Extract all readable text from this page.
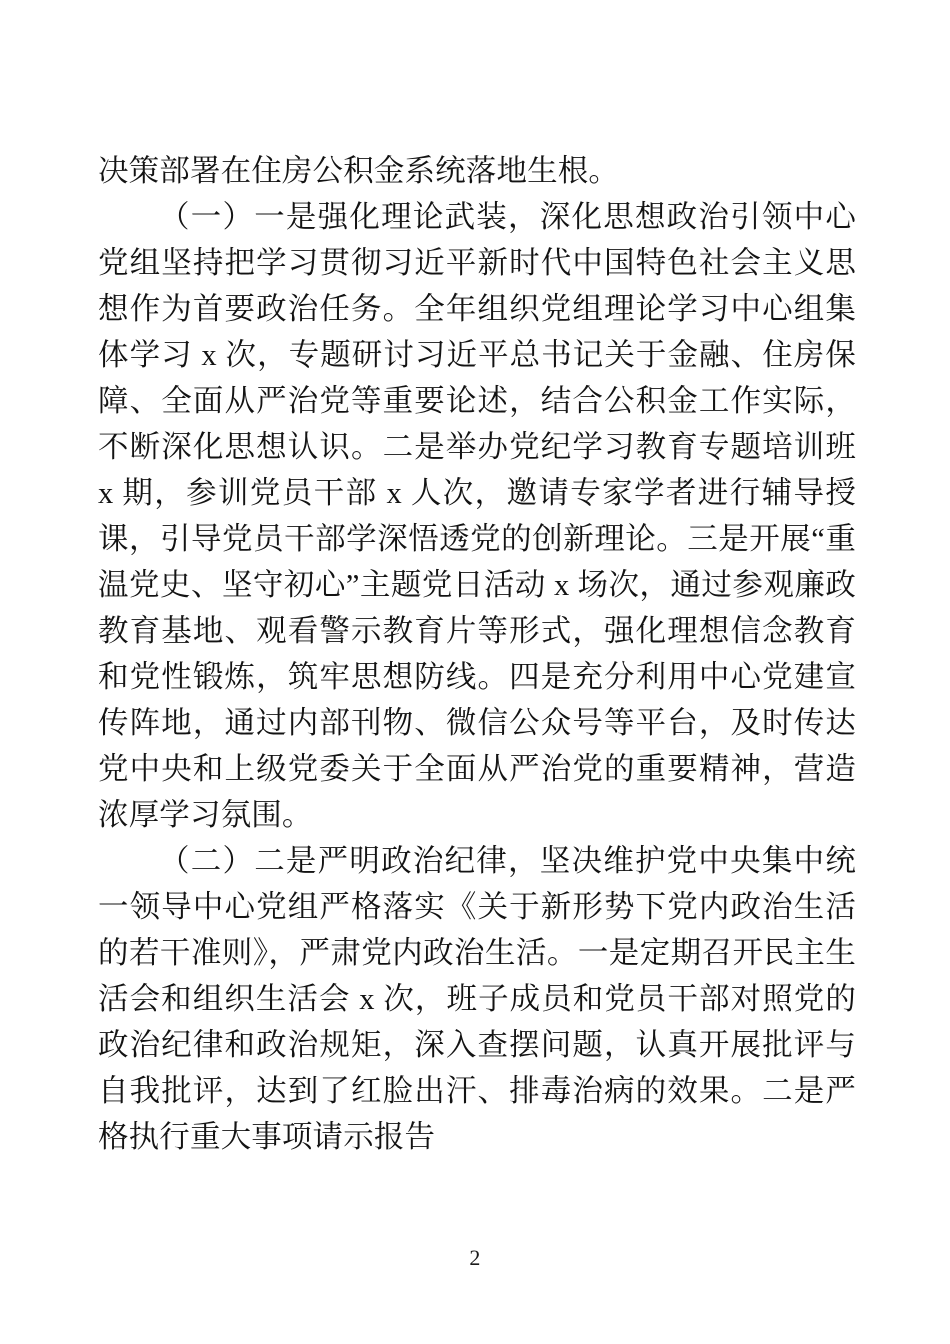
决策部署在住房公积金系统落地生根。

（一）一是强化理论武装，深化思想政治引领中心党组坚持把学习贯彻习近平新时代中国特色社会主义思想作为首要政治任务。全年组织党组理论学习中心组集体学习 x 次，专题研讨习近平总书记关于金融、住房保障、全面从严治党等重要论述，结合公积金工作实际，不断深化思想认识。二是举办党纪学习教育专题培训班 x 期，参训党员干部 x 人次，邀请专家学者进行辅导授课，引导党员干部学深悟透党的创新理论。三是开展“重温党史、坚守初心”主题党日活动 x 场次，通过参观廉政教育基地、观看警示教育片等形式，强化理想信念教育和党性锻炼，筑牢思想防线。四是充分利用中心党建宣传阵地，通过内部刊物、微信公众号等平台，及时传达党中央和上级党委关于全面从严治党的重要精神，营造浓厚学习氛围。

（二）二是严明政治纪律，坚决维护党中央集中统一领导中心党组严格落实《关于新形势下党内政治生活的若干准则》，严肃党内政治生活。一是定期召开民主生活会和组织生活会 x 次，班子成员和党员干部对照党的政治纪律和政治规矩，深入查摆问题，认真开展批评与自我批评，达到了红脸出汗、排毒治病的效果。二是严格执行重大事项请示报告

2
